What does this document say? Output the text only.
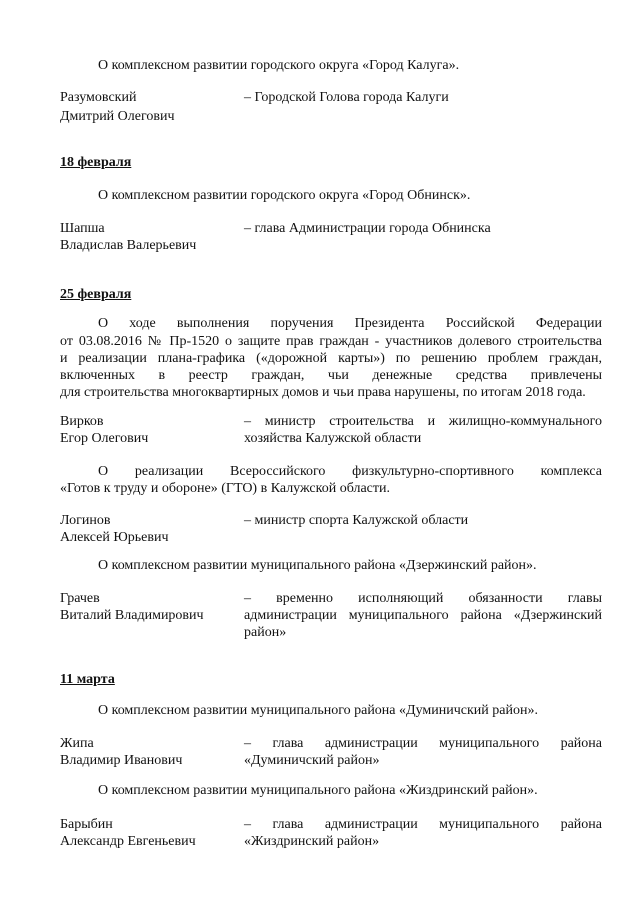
О комплексном развитии городского округа «Город Калуга».
Разумовский
Дмитрий Олегович
– Городской Голова города Калуги
18 февраля
О комплексном развитии городского округа «Город Обнинск».
Шапша
Владислав Валерьевич
– глава Администрации города Обнинска
25 февраля
О ходе выполнения поручения Президента Российской Федерации
от 03.08.2016 № Пр-1520 о защите прав граждан - участников долевого строительства
и реализации плана-графика («дорожной карты») по решению проблем граждан,
включенных в реестр граждан, чьи денежные средства привлечены
для строительства многоквартирных домов и чьи права нарушены, по итогам 2018 года.
Вирков
Егор Олегович
– министр строительства и жилищно-коммунального
хозяйства Калужской области
О реализации Всероссийского физкультурно-спортивного комплекса
«Готов к труду и обороне» (ГТО) в Калужской области.
Логинов
Алексей Юрьевич
– министр спорта Калужской области
О комплексном развитии муниципального района «Дзержинский район».
Грачев
Виталий Владимирович
– временно исполняющий обязанности главы
администрации муниципального района «Дзержинский
район»
11 марта
О комплексном развитии муниципального района «Думиничский район».
Жипа
Владимир Иванович
– глава администрации муниципального района
«Думиничский район»
О комплексном развитии муниципального района «Жиздринский район».
Барыбин
Александр Евгеньевич
– глава администрации муниципального района
«Жиздринский район»
